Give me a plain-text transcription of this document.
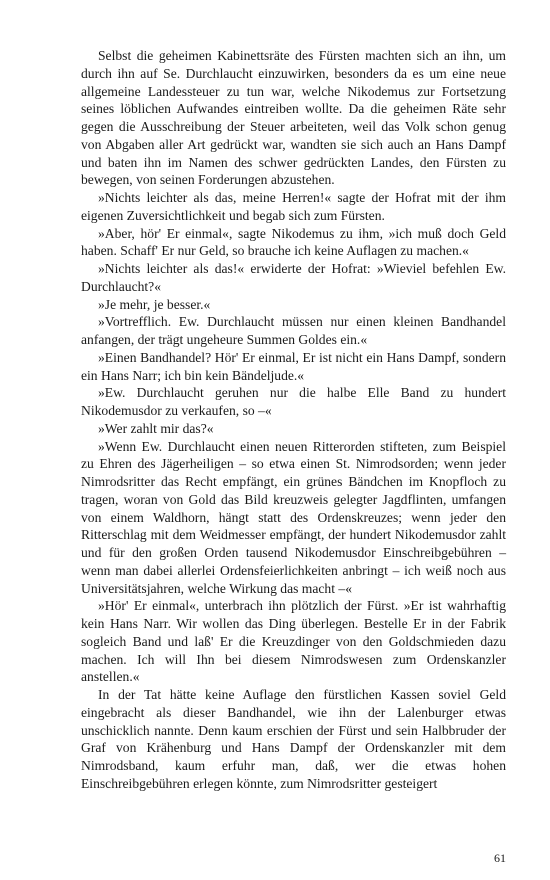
Selbst die geheimen Kabinettsräte des Fürsten machten sich an ihn, um durch ihn auf Se. Durchlaucht einzuwirken, besonders da es um eine neue allgemeine Landessteuer zu tun war, welche Nikodemus zur Fortsetzung seines löblichen Aufwandes eintreiben wollte. Da die geheimen Räte sehr gegen die Ausschreibung der Steuer arbeiteten, weil das Volk schon genug von Abgaben aller Art gedrückt war, wandten sie sich auch an Hans Dampf und baten ihn im Namen des schwer gedrückten Landes, den Fürsten zu bewegen, von seinen Forderungen abzustehen.

»Nichts leichter als das, meine Herren!« sagte der Hofrat mit der ihm eigenen Zuversichtlichkeit und begab sich zum Fürsten.

»Aber, hör' Er einmal«, sagte Nikodemus zu ihm, »ich muß doch Geld haben. Schaff' Er nur Geld, so brauche ich keine Auflagen zu machen.«

»Nichts leichter als das!« erwiderte der Hofrat: »Wieviel befehlen Ew. Durchlaucht?«

»Je mehr, je besser.«

»Vortrefflich. Ew. Durchlaucht müssen nur einen kleinen Bandhandel anfangen, der trägt ungeheure Summen Goldes ein.«

»Einen Bandhandel? Hör' Er einmal, Er ist nicht ein Hans Dampf, sondern ein Hans Narr; ich bin kein Bändeljude.«

»Ew. Durchlaucht geruhen nur die halbe Elle Band zu hundert Nikodemusdor zu verkaufen, so –«

»Wer zahlt mir das?«

»Wenn Ew. Durchlaucht einen neuen Ritterorden stifteten, zum Beispiel zu Ehren des Jägerheiligen – so etwa einen St. Nimrodsorden; wenn jeder Nimrodsritter das Recht empfängt, ein grünes Bändchen im Knopfloch zu tragen, woran von Gold das Bild kreuzweis gelegter Jagdflinten, umfangen von einem Waldhorn, hängt statt des Ordenskreuzes; wenn jeder den Ritterschlag mit dem Weidmesser empfängt, der hundert Nikodemusdor zahlt und für den großen Orden tausend Nikodemusdor Einschreibgebühren – wenn man dabei allerlei Ordensfeierlichkeiten anbringt – ich weiß noch aus Universitätsjahren, welche Wirkung das macht –«

»Hör' Er einmal«, unterbrach ihn plötzlich der Fürst. »Er ist wahrhaftig kein Hans Narr. Wir wollen das Ding überlegen. Bestelle Er in der Fabrik sogleich Band und laß' Er die Kreuzdinger von den Goldschmieden dazu machen. Ich will Ihn bei diesem Nimrodswesen zum Ordenskanzler anstellen.«

In der Tat hätte keine Auflage den fürstlichen Kassen soviel Geld eingebracht als dieser Bandhandel, wie ihn der Lalenburger etwas unschicklich nannte. Denn kaum erschien der Fürst und sein Halbbruder der Graf von Krähenburg und Hans Dampf der Ordenskanzler mit dem Nimrodsband, kaum erfuhr man, daß, wer die etwas hohen Einschreibgebühren erlegen könnte, zum Nimrodsritter gesteigert

61
